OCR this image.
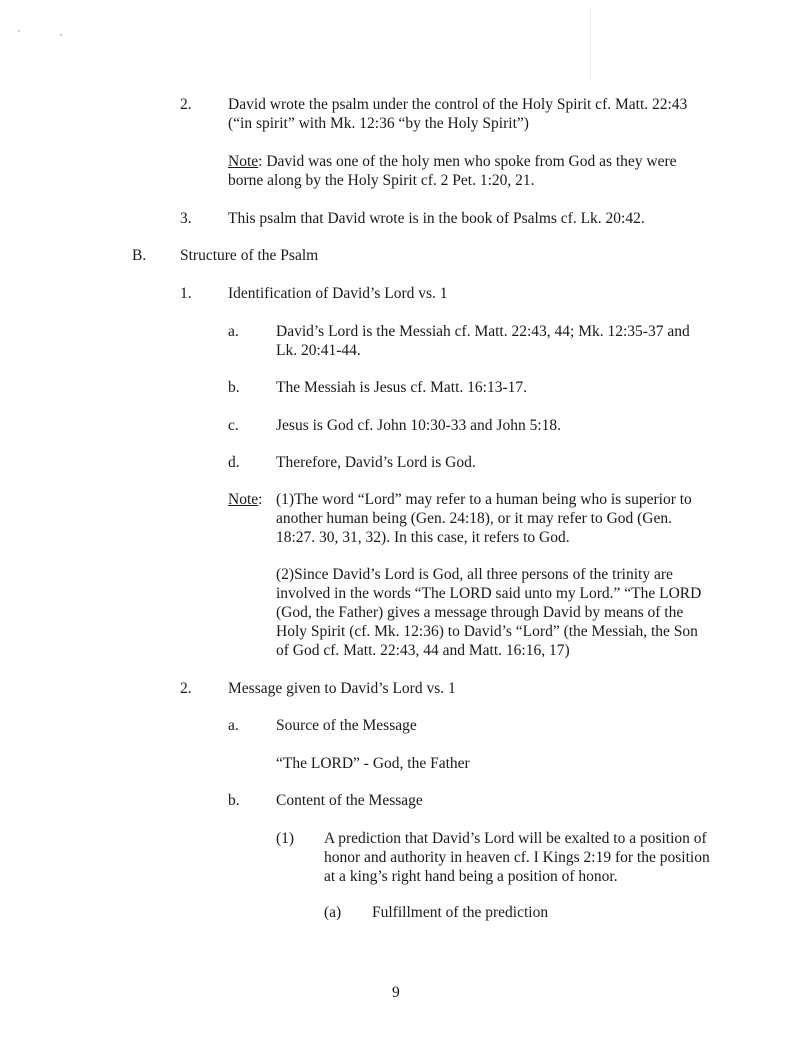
2. David wrote the psalm under the control of the Holy Spirit cf. Matt. 22:43 (“in spirit” with Mk. 12:36 “by the Holy Spirit”)

Note: David was one of the holy men who spoke from God as they were borne along by the Holy Spirit cf. 2 Pet. 1:20, 21.

3. This psalm that David wrote is in the book of Psalms cf. Lk. 20:42.

B. Structure of the Psalm

1. Identification of David’s Lord vs. 1

a. David’s Lord is the Messiah cf. Matt. 22:43, 44; Mk. 12:35-37 and Lk. 20:41-44.

b. The Messiah is Jesus cf. Matt. 16:13-17.

c. Jesus is God cf. John 10:30-33 and John 5:18.

d. Therefore, David’s Lord is God.

Note: (1)The word “Lord” may refer to a human being who is superior to another human being (Gen. 24:18), or it may refer to God (Gen. 18:27. 30, 31, 32). In this case, it refers to God.

(2)Since David’s Lord is God, all three persons of the trinity are involved in the words “The LORD said unto my Lord.” “The LORD (God, the Father) gives a message through David by means of the Holy Spirit (cf. Mk. 12:36) to David’s “Lord” (the Messiah, the Son of God cf. Matt. 22:43, 44 and Matt. 16:16, 17)

2. Message given to David’s Lord vs. 1

a. Source of the Message

“The LORD” - God, the Father

b. Content of the Message

(1) A prediction that David’s Lord will be exalted to a position of honor and authority in heaven cf. I Kings 2:19 for the position at a king’s right hand being a position of honor.

(a) Fulfillment of the prediction

9
